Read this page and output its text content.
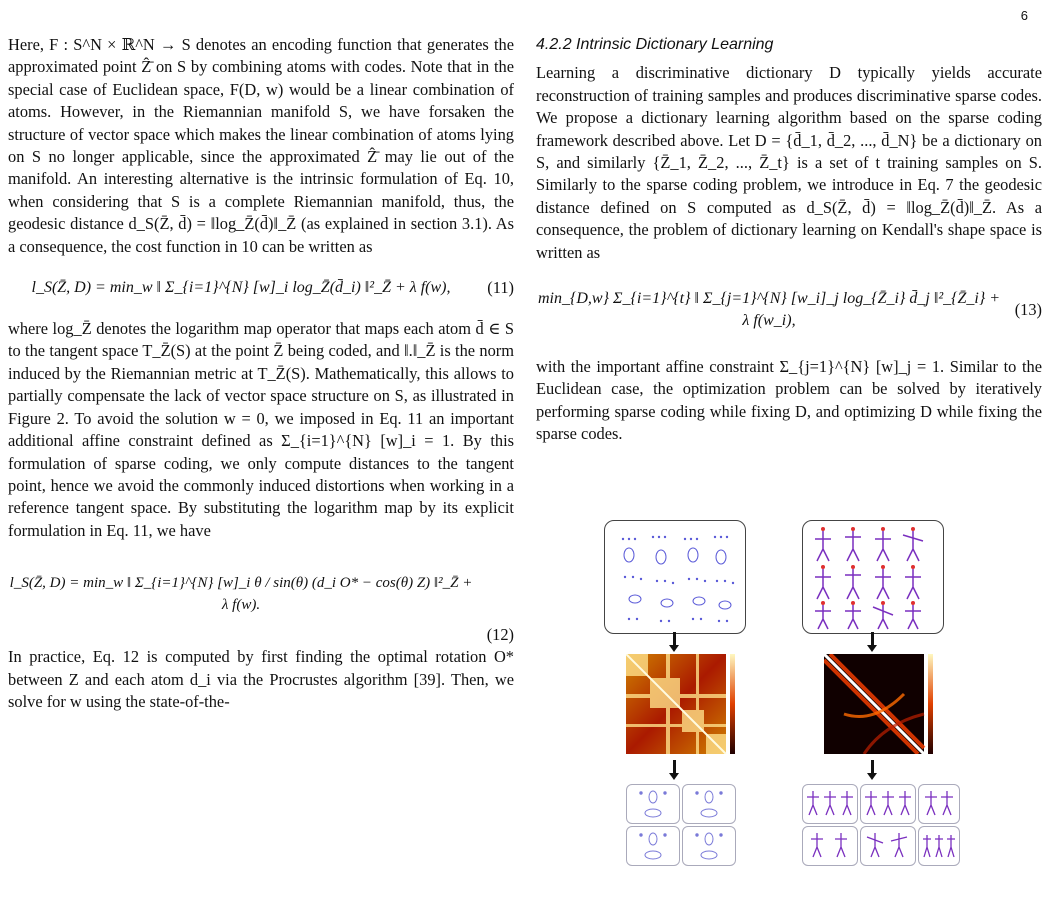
6

Here, F : S^N × ℝ^N → S denotes an encoding function that generates the approximated point Ẑ̄ on S by combining atoms with codes. Note that in the special case of Euclidean space, F(D, w) would be a linear combination of atoms. However, in the Riemannian manifold S, we have forsaken the structure of vector space which makes the linear combination of atoms lying on S no longer applicable, since the approximated Ẑ̄ may lie out of the manifold. An interesting alternative is the intrinsic formulation of Eq. 10, when considering that S is a complete Riemannian manifold, thus, the geodesic distance d_S(Z̄, d̄) = ‖log_Z̄(d̄)‖_Z̄ (as explained in section 3.1). As a consequence, the cost function in 10 can be written as

l_S(Z̄, D) = min_w ‖ Σ_{i=1}^{N} [w]_i log_Z̄(d̄_i) ‖²_Z̄ + λ f(w),	(11)

where log_Z̄ denotes the logarithm map operator that maps each atom d̄ ∈ S to the tangent space T_Z̄(S) at the point Z̄ being coded, and ‖.‖_Z̄ is the norm induced by the Riemannian metric at T_Z̄(S). Mathematically, this allows to partially compensate the lack of vector space structure on S, as illustrated in Figure 2. To avoid the solution w = 0, we imposed in Eq. 11 an important additional affine constraint defined as Σ_{i=1}^{N} [w]_i = 1. By this formulation of sparse coding, we only compute distances to the tangent point, hence we avoid the commonly induced distortions when working in a reference tangent space. By substituting the logarithm map by its explicit formulation in Eq. 11, we have

l_S(Z̄, D) = min_w ‖ Σ_{i=1}^{N} [w]_i θ / sin(θ) (d_i O* − cos(θ) Z) ‖²_Z̄ + λ f(w).
(12)

In practice, Eq. 12 is computed by first finding the optimal rotation O* between Z and each atom d_i via the Procrustes algorithm [39]. Then, we solve for w using the state-of-the-

4.2.2 Intrinsic Dictionary Learning

Learning a discriminative dictionary D typically yields accurate reconstruction of training samples and produces discriminative sparse codes. We propose a dictionary learning algorithm based on the sparse coding framework described above. Let D = {d̄_1, d̄_2, ..., d̄_N} be a dictionary on S, and similarly {Z̄_1, Z̄_2, ..., Z̄_t} is a set of t training samples on S. Similarly to the sparse coding problem, we introduce in Eq. 7 the geodesic distance defined on S computed as d_S(Z̄, d̄) = ‖log_Z̄(d̄)‖_Z̄. As a consequence, the problem of dictionary learning on Kendall's shape space is written as

min_{D,w} Σ_{i=1}^{t} ‖ Σ_{j=1}^{N} [w_i]_j log_{Z̄_i} d̄_j ‖²_{Z̄_i} + λ f(w_i),
(13)

with the important affine constraint Σ_{j=1}^{N} [w]_j = 1. Similar to the Euclidean case, the optimization problem can be solved by iteratively performing sparse coding while fixing D, and optimizing D while fixing the sparse codes.
